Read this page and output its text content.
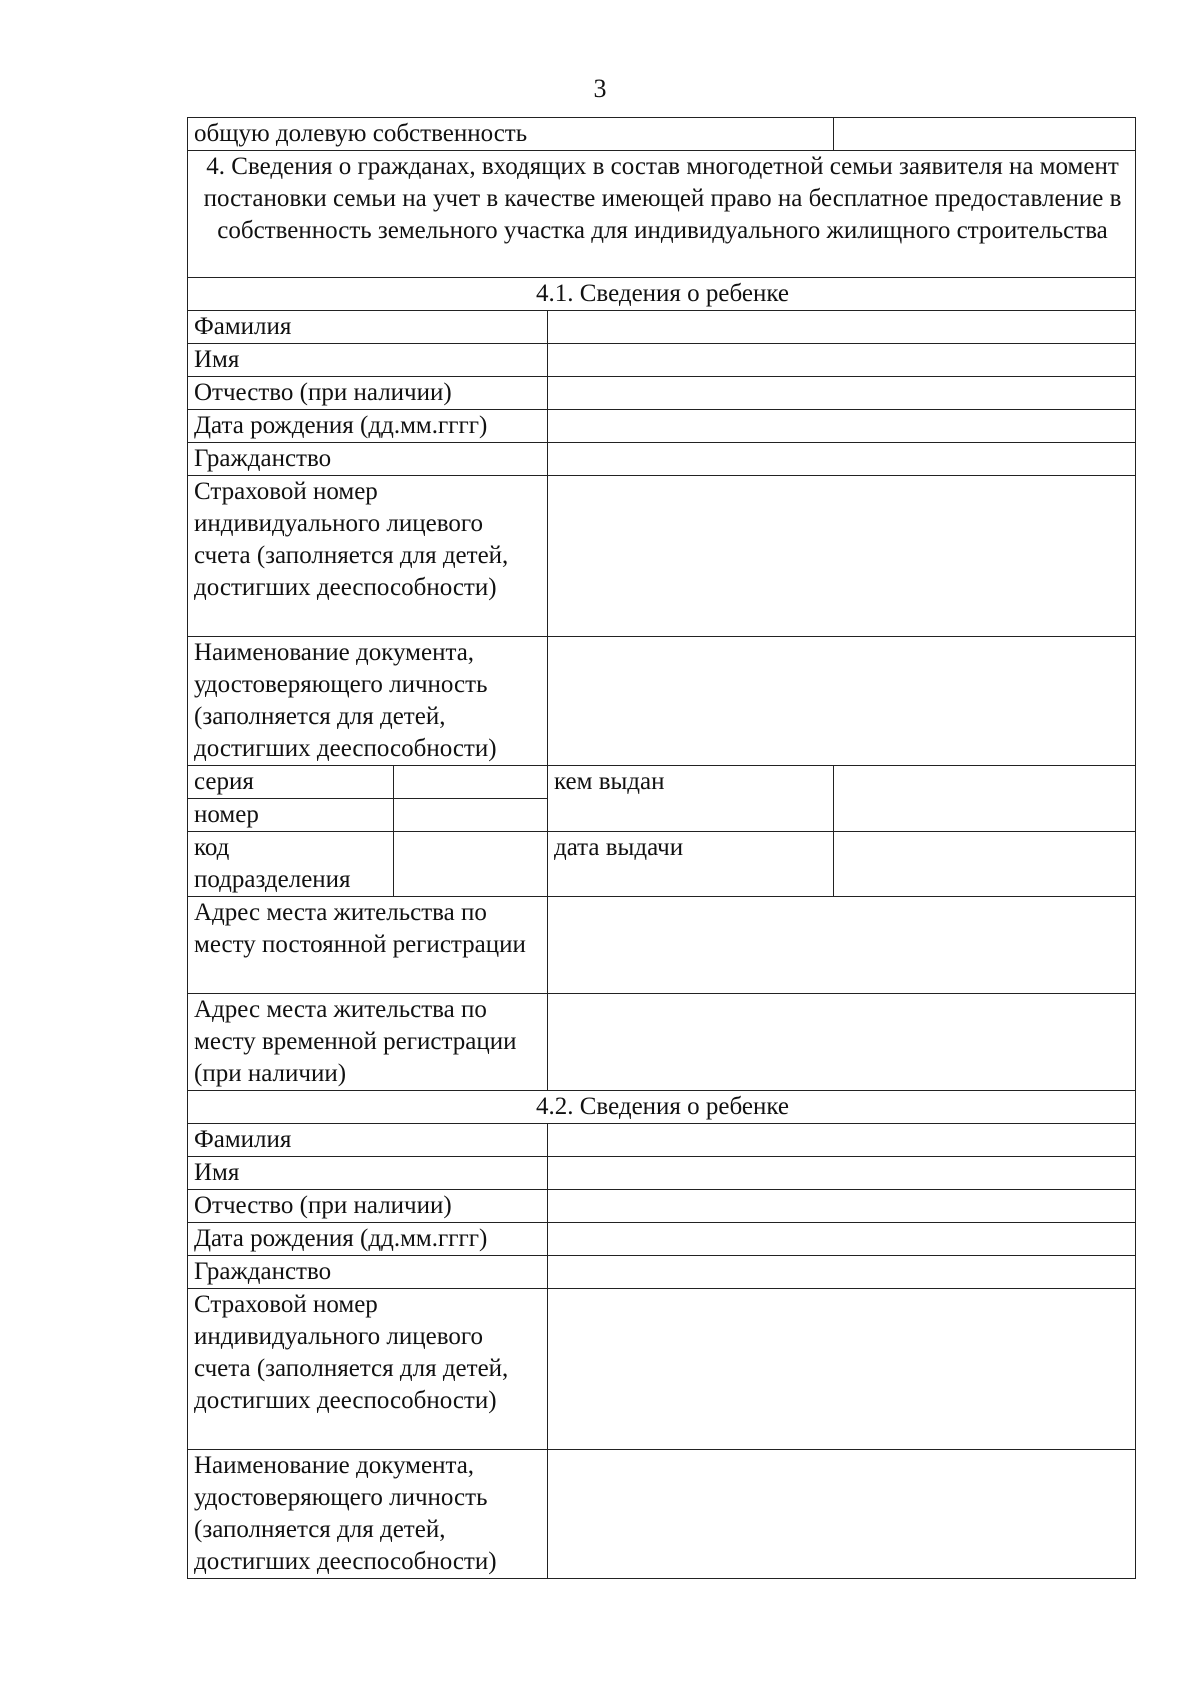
3
общую долевую собственность			
4. Сведения о гражданах, входящих в состав многодетной семьи заявителя на момент постановки семьи на учет в качестве имеющей право на бесплатное предоставление в собственность земельного участка для индивидуального жилищного строительства			
4.1. Сведения о ребенке			
Фамилия			
Имя			
Отчество (при наличии)			
Дата рождения (дд.мм.гггг)			
Гражданство			
Страховой номер индивидуального лицевого счета (заполняется для детей, достигших дееспособности)			
Наименование документа, удостоверяющего личность (заполняется для детей, достигших дееспособности)			
серия		кем выдан	
номер			
код подразделения		дата выдачи	
Адрес места жительства по месту постоянной регистрации			
Адрес места жительства по месту временной регистрации (при наличии)			
4.2. Сведения о ребенке			
Фамилия			
Имя			
Отчество (при наличии)			
Дата рождения (дд.мм.гггг)			
Гражданство			
Страховой номер индивидуального лицевого счета (заполняется для детей, достигших дееспособности)			
Наименование документа, удостоверяющего личность (заполняется для детей, достигших дееспособности)			
